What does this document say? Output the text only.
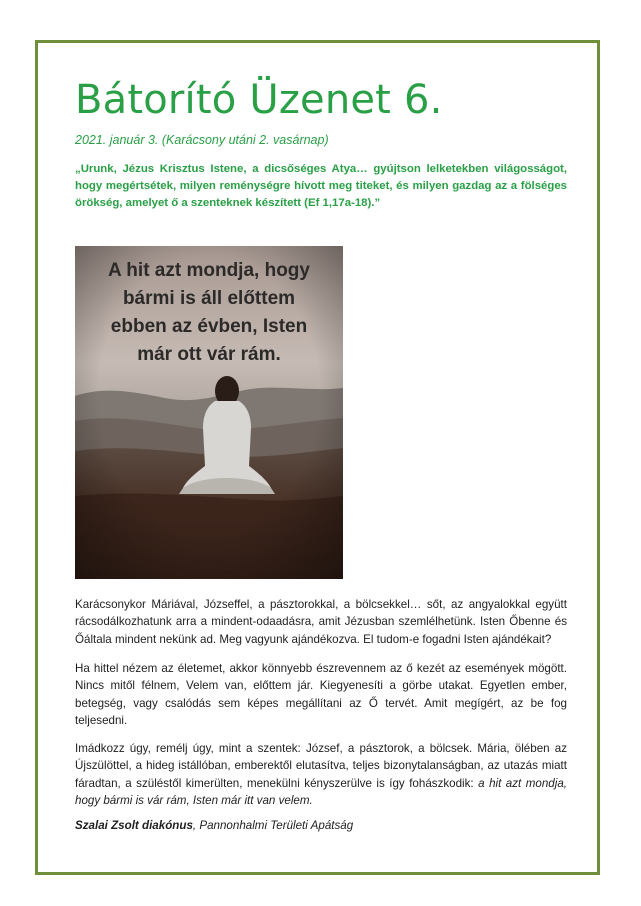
Bátorító Üzenet 6.
2021. január 3. (Karácsony utáni 2. vasárnap)

„Urunk, Jézus Krisztus Istene, a dicsőséges Atya… gyújtson lelketekben világosságot, hogy megértsétek, milyen reménységre hívott meg titeket, és milyen gazdag az a fölséges örökség, amelyet ő a szenteknek készített (Ef 1,17a-18).”

A hit azt mondja, hogy
bármi is áll előttem
ebben az évben, Isten
már ott vár rám.

Karácsonykor Máriával, Józseffel, a pásztorokkal, a bölcsekkel… sőt, az angyalokkal együtt rácsodálkozhatunk arra a mindent-odaadásra, amit Jézusban szemlélhetünk. Isten Őbenne és Őáltala mindent nekünk ad. Meg vagyunk ajándékozva. El tudom-e fogadni Isten ajándékait?

Ha hittel nézem az életemet, akkor könnyebb észrevennem az ő kezét az események mögött. Nincs mitől félnem, Velem van, előttem jár. Kiegyenesíti a görbe utakat. Egyetlen ember, betegség, vagy csalódás sem képes megállítani az Ő tervét. Amit megígért, az be fog teljesedni.

Imádkozz úgy, remélj úgy, mint a szentek: József, a pásztorok, a bölcsek. Mária, ölében az Újszülöttel, a hideg istállóban, emberektől elutasítva, teljes bizonytalanságban, az utazás miatt fáradtan, a szüléstől kimerülten, menekülni kényszerülve is így fohászkodik: a hit azt mondja, hogy bármi is vár rám, Isten már itt van velem.

Szalai Zsolt diakónus, Pannonhalmi Területi Apátság
